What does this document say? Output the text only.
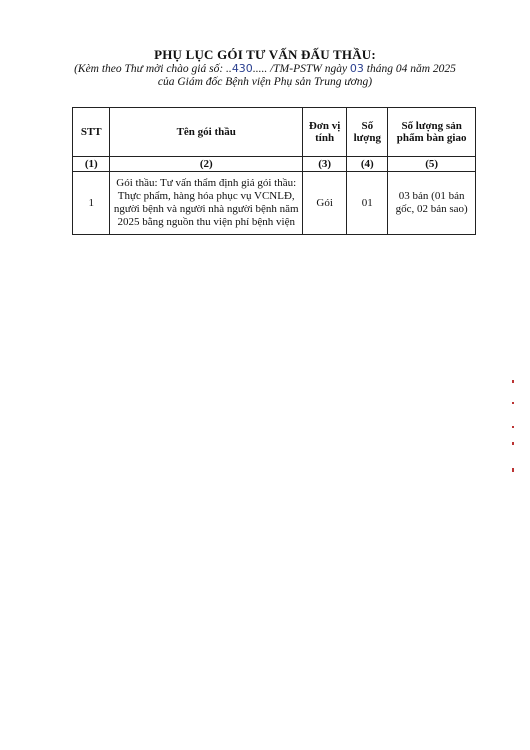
PHỤ LỤC GÓI TƯ VẤN ĐẤU THẦU:
(Kèm theo Thư mời chào giá số: ..430..... /TM-PSTW ngày 03 tháng 04 năm 2025
của Giám đốc Bệnh viện Phụ sản Trung ương)
STT	Tên gói thầu	Đơn vị tính	Số lượng	Số lượng sản phẩm bàn giao
(1)	(2)	(3)	(4)	(5)
1	Gói thầu: Tư vấn thẩm định giá gói thầu: Thực phẩm, hàng hóa phục vụ VCNLĐ, người bệnh và người nhà người bệnh năm 2025 bằng nguồn thu viện phí bệnh viện	Gói	01	03 bản (01 bản gốc, 02 bản sao)
